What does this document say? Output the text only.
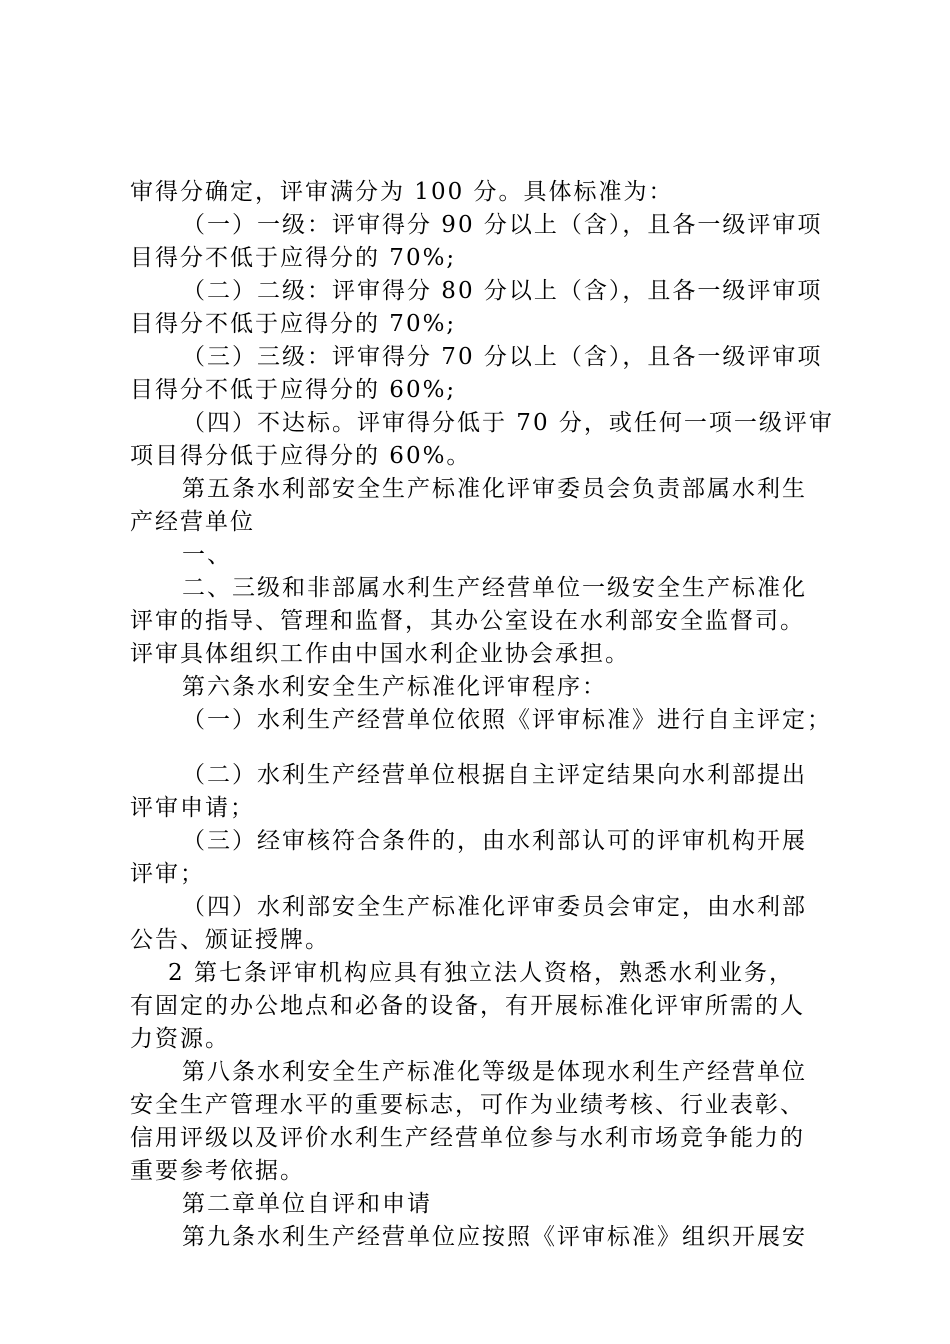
审得分确定，评审满分为 100 分。具体标准为：
（一）一级：评审得分 90 分以上（含），且各一级评审项
目得分不低于应得分的 70%;
（二）二级：评审得分 80 分以上（含），且各一级评审项
目得分不低于应得分的 70%;
（三）三级：评审得分 70 分以上（含），且各一级评审项
目得分不低于应得分的 60%;
（四）不达标。评审得分低于 70 分，或任何一项一级评审
项目得分低于应得分的 60%。
第五条水利部安全生产标准化评审委员会负责部属水利生
产经营单位
一、
二、三级和非部属水利生产经营单位一级安全生产标准化
评审的指导、管理和监督，其办公室设在水利部安全监督司。
评审具体组织工作由中国水利企业协会承担。
第六条水利安全生产标准化评审程序：
（一）水利生产经营单位依照《评审标准》进行自主评定；
（二）水利生产经营单位根据自主评定结果向水利部提出
评审申请；
（三）经审核符合条件的，由水利部认可的评审机构开展
评审；
（四）水利部安全生产标准化评审委员会审定，由水利部
公告、颁证授牌。
2 第七条评审机构应具有独立法人资格，熟悉水利业务，
有固定的办公地点和必备的设备，有开展标准化评审所需的人
力资源。
第八条水利安全生产标准化等级是体现水利生产经营单位
安全生产管理水平的重要标志，可作为业绩考核、行业表彰、
信用评级以及评价水利生产经营单位参与水利市场竞争能力的
重要参考依据。
第二章单位自评和申请
第九条水利生产经营单位应按照《评审标准》组织开展安
